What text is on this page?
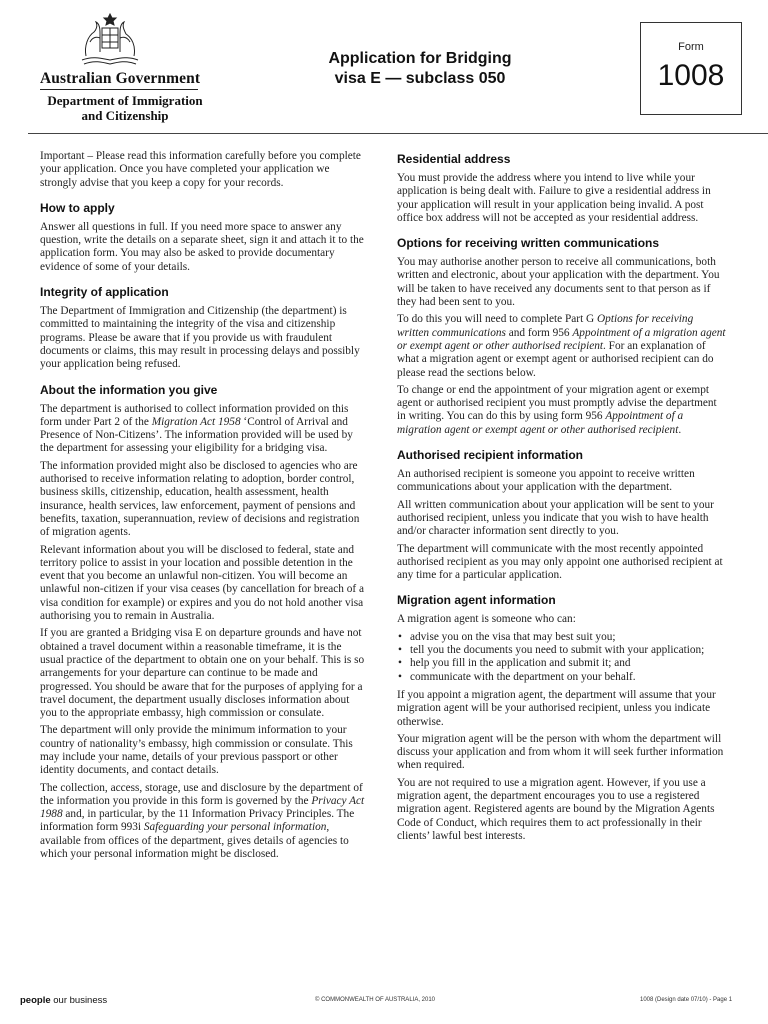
Australian Government
Department of Immigration
and Citizenship
Application for Bridging
visa E — subclass 050
Form
1008

Important – Please read this information carefully before you complete your application. Once you have completed your application we strongly advise that you keep a copy for your records.

How to apply

Answer all questions in full. If you need more space to answer any question, write the details on a separate sheet, sign it and attach it to the application form. You may also be asked to provide documentary evidence of some of your details.

Integrity of application

The Department of Immigration and Citizenship (the department) is committed to maintaining the integrity of the visa and citizenship programs. Please be aware that if you provide us with fraudulent documents or claims, this may result in processing delays and possibly your application being refused.

About the information you give

The department is authorised to collect information provided on this form under Part 2 of the Migration Act 1958 ‘Control of Arrival and Presence of Non-Citizens’. The information provided will be used by the department for assessing your eligibility for a bridging visa.

The information provided might also be disclosed to agencies who are authorised to receive information relating to adoption, border control, business skills, citizenship, education, health assessment, health insurance, health services, law enforcement, payment of pensions and benefits, taxation, superannuation, review of decisions and registration of migration agents.

Relevant information about you will be disclosed to federal, state and territory police to assist in your location and possible detention in the event that you become an unlawful non-citizen. You will become an unlawful non-citizen if your visa ceases (by cancellation for breach of a visa condition for example) or expires and you do not hold another visa authorising you to remain in Australia.

If you are granted a Bridging visa E on departure grounds and have not obtained a travel document within a reasonable timeframe, it is the usual practice of the department to obtain one on your behalf. This is so arrangements for your departure can continue to be made and progressed. You should be aware that for the purposes of applying for a travel document, the department usually discloses information about you to the appropriate embassy, high commission or consulate.

The department will only provide the minimum information to your country of nationality’s embassy, high commission or consulate. This may include your name, details of your previous passport or other identity documents, and contact details.

The collection, access, storage, use and disclosure by the department of the information you provide in this form is governed by the Privacy Act 1988 and, in particular, by the 11 Information Privacy Principles. The information form 993i Safeguarding your personal information, available from offices of the department, gives details of agencies to which your personal information might be disclosed.

Residential address

You must provide the address where you intend to live while your application is being dealt with. Failure to give a residential address in your application will result in your application being invalid. A post office box address will not be accepted as your residential address.

Options for receiving written communications

You may authorise another person to receive all communications, both written and electronic, about your application with the department. You will be taken to have received any documents sent to that person as if they had been sent to you.

To do this you will need to complete Part G Options for receiving written communications and form 956 Appointment of a migration agent or exempt agent or other authorised recipient. For an explanation of what a migration agent or exempt agent or authorised recipient can do please read the sections below.

To change or end the appointment of your migration agent or exempt agent or authorised recipient you must promptly advise the department in writing. You can do this by using form 956 Appointment of a migration agent or exempt agent or other authorised recipient.

Authorised recipient information

An authorised recipient is someone you appoint to receive written communications about your application with the department.

All written communication about your application will be sent to your authorised recipient, unless you indicate that you wish to have health and/or character information sent directly to you.

The department will communicate with the most recently appointed authorised recipient as you may only appoint one authorised recipient at any time for a particular application.

Migration agent information

A migration agent is someone who can:

• advise you on the visa that may best suit you;
• tell you the documents you need to submit with your application;
• help you fill in the application and submit it; and
• communicate with the department on your behalf.

If you appoint a migration agent, the department will assume that your migration agent will be your authorised recipient, unless you indicate otherwise.

Your migration agent will be the person with whom the department will discuss your application and from whom it will seek further information when required.

You are not required to use a migration agent. However, if you use a migration agent, the department encourages you to use a registered migration agent. Registered agents are bound by the Migration Agents Code of Conduct, which requires them to act professionally in their clients’ lawful best interests.

people our business	© COMMONWEALTH OF AUSTRALIA, 2010	1008 (Design date 07/10) - Page 1
